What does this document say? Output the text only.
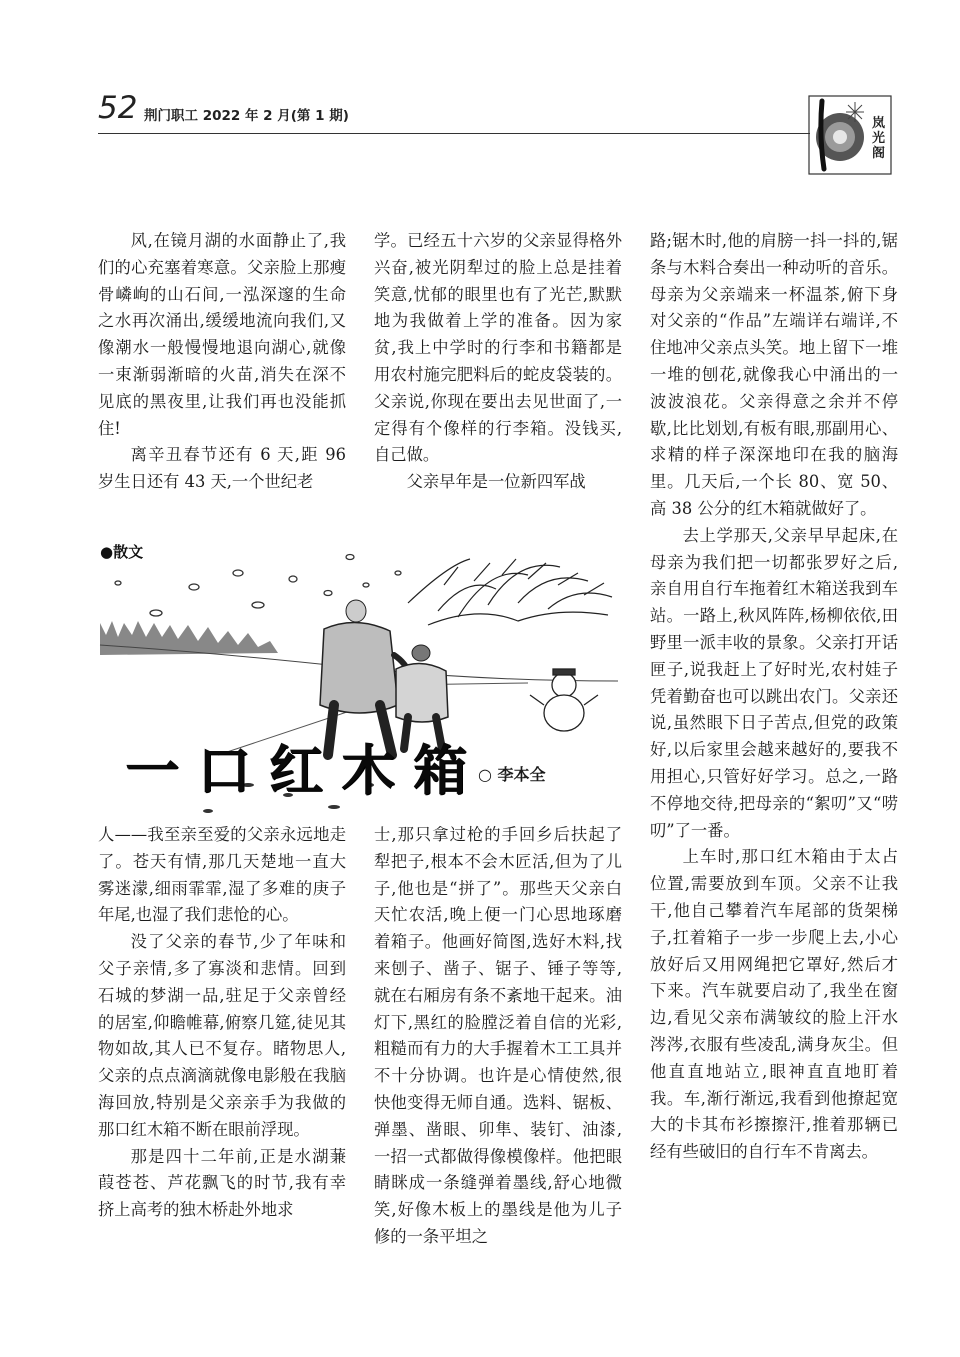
52 荆门职工 2022 年 2 月(第 1 期)	岚光阁

风,在镜月湖的水面静止了,我们的心充塞着寒意。父亲脸上那瘦骨嶙峋的山石间,一泓深邃的生命之水再次涌出,缓缓地流向我们,又像潮水一般慢慢地退向湖心,就像一束渐弱渐暗的火苗,消失在深不见底的黑夜里,让我们再也没能抓住!

离辛丑春节还有 6 天,距 96 岁生日还有 43 天,一个世纪老

学。已经五十六岁的父亲显得格外兴奋,被光阴犁过的脸上总是挂着笑意,忧郁的眼里也有了光芒,默默地为我做着上学的准备。因为家贫,我上中学时的行李和书籍都是用农村施完肥料后的蛇皮袋装的。父亲说,你现在要出去见世面了,一定得有个像样的行李箱。没钱买,自己做。

父亲早年是一位新四军战

路;锯木时,他的肩膀一抖一抖的,锯条与木料合奏出一种动听的音乐。母亲为父亲端来一杯温茶,俯下身对父亲的“作品”左端详右端详,不住地冲父亲点头笑。地上留下一堆一堆的刨花,就像我心中涌出的一波波浪花。父亲得意之余并不停歇,比比划划,有板有眼,那副用心、求精的样子深深地印在我的脑海里。几天后,一个长 80、宽 50、高 38 公分的红木箱就做好了。

去上学那天,父亲早早起床,在母亲为我们把一切都张罗好之后,亲自用自行车拖着红木箱送我到车站。一路上,秋风阵阵,杨柳依依,田野里一派丰收的景象。父亲打开话匣子,说我赶上了好时光,农村娃子凭着勤奋也可以跳出农门。父亲还说,虽然眼下日子苦点,但党的政策好,以后家里会越来越好的,要我不用担心,只管好好学习。总之,一路不停地交待,把母亲的“絮叨”又“唠叨”了一番。

上车时,那口红木箱由于太占位置,需要放到车顶。父亲不让我干,他自己攀着汽车尾部的货架梯子,扛着箱子一步一步爬上去,小心放好后又用网绳把它罩好,然后才下来。汽车就要启动了,我坐在窗边,看见父亲布满皱纹的脸上汗水涔涔,衣服有些凌乱,满身灰尘。但他直直地站立,眼神直直地盯着我。车,渐行渐远,我看到他撩起宽大的卡其布衫擦擦汗,推着那辆已经有些破旧的自行车不肯离去。

●散文
一口红木箱
○ 李本全

人——我至亲至爱的父亲永远地走了。苍天有情,那几天楚地一直大雾迷濛,细雨霏霏,湿了多难的庚子年尾,也湿了我们悲怆的心。

没了父亲的春节,少了年味和父子亲情,多了寡淡和悲情。回到石城的梦湖一品,驻足于父亲曾经的居室,仰瞻帷幕,俯察几筵,徒见其物如故,其人已不复存。睹物思人,父亲的点点滴滴就像电影般在我脑海回放,特别是父亲亲手为我做的那口红木箱不断在眼前浮现。

那是四十二年前,正是水湖蒹葭苍苍、芦花飘飞的时节,我有幸挤上高考的独木桥赴外地求

士,那只拿过枪的手回乡后扶起了犁把子,根本不会木匠活,但为了儿子,他也是“拼了”。那些天父亲白天忙农活,晚上便一门心思地琢磨着箱子。他画好简图,选好木料,找来刨子、凿子、锯子、锤子等等,就在右厢房有条不紊地干起来。油灯下,黑红的脸膛泛着自信的光彩,粗糙而有力的大手握着木工工具并不十分协调。也许是心情使然,很快他变得无师自通。选料、锯板、弹墨、凿眼、卯隼、装钉、油漆,一招一式都做得像模像样。他把眼睛眯成一条缝弹着墨线,舒心地微笑,好像木板上的墨线是他为儿子修的一条平坦之
